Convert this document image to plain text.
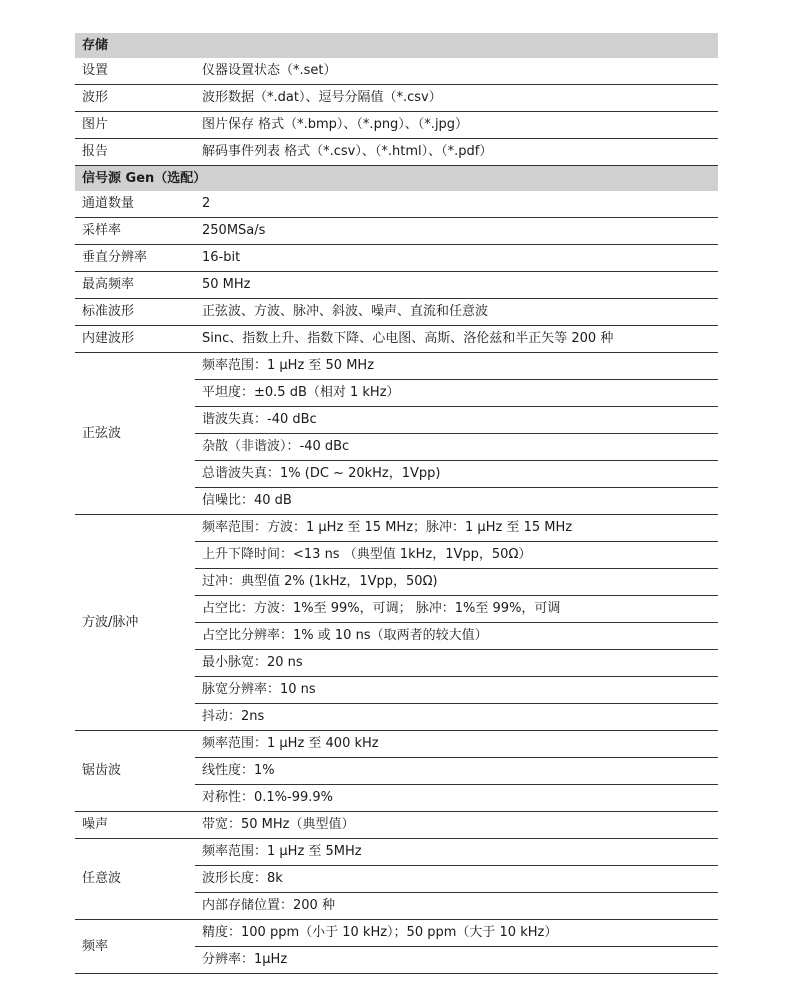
存储	
设置	仪器设置状态（*.set）
波形	波形数据（*.dat）、逗号分隔值（*.csv）
图片	图片保存 格式（*.bmp）、（*.png）、（*.jpg）
报告	解码事件列表 格式（*.csv）、（*.html）、（*.pdf）
信号源 Gen（选配）	
通道数量	2
采样率	250MSa/s
垂直分辨率	16-bit
最高频率	50 MHz
标准波形	正弦波、方波、脉冲、斜波、噪声、直流和任意波
内建波形	Sinc、指数上升、指数下降、心电图、高斯、洛伦兹和半正矢等 200 种
正弦波	频率范围：1 μHz 至 50 MHz
	平坦度：±0.5 dB（相对 1 kHz）
	谐波失真：-40 dBc
	杂散（非谐波）：-40 dBc
	总谐波失真：1% (DC ~ 20kHz，1Vpp)
	信噪比：40 dB
方波/脉冲	频率范围：方波：1 μHz 至 15 MHz；脉冲：1 μHz 至 15 MHz
	上升下降时间：<13 ns （典型值 1kHz，1Vpp，50Ω）
	过冲：典型值 2% (1kHz，1Vpp，50Ω)
	占空比：方波：1%至 99%，可调； 脉冲：1%至 99%，可调
	占空比分辨率：1% 或 10 ns（取两者的较大值）
	最小脉宽：20 ns
	脉宽分辨率：10 ns
	抖动：2ns
锯齿波	频率范围：1 μHz 至 400 kHz
	线性度：1%
	对称性：0.1%-99.9%
噪声	带宽：50 MHz（典型值）
任意波	频率范围：1 μHz 至 5MHz
	波形长度：8k
	内部存储位置：200 种
频率	精度：100 ppm（小于 10 kHz）；50 ppm（大于 10 kHz）
	分辨率：1μHz
